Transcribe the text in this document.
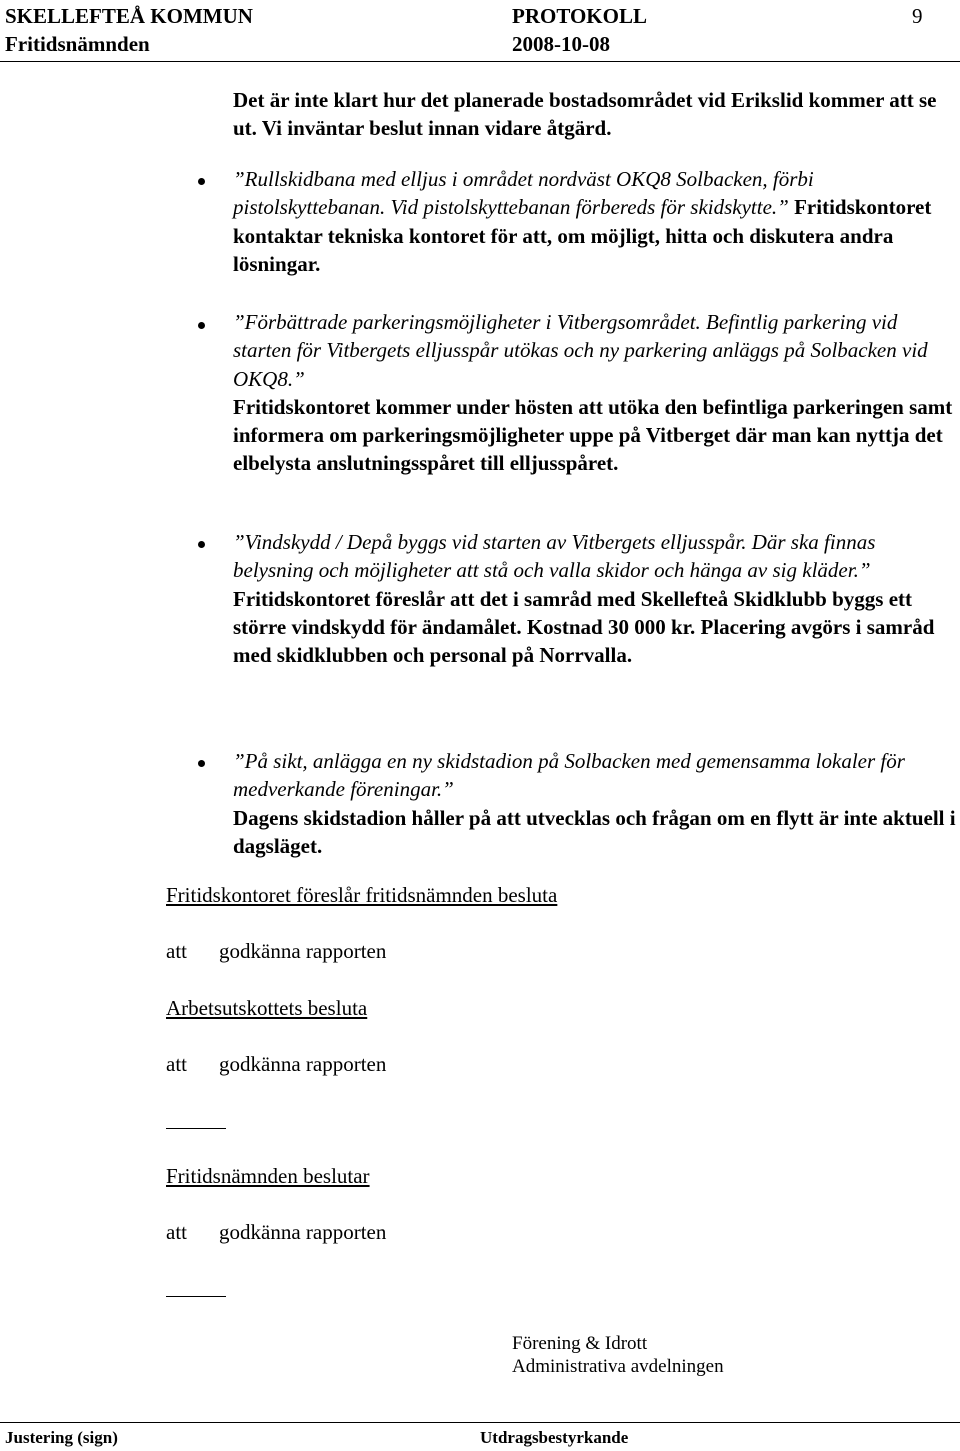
SKELLEFTEÅ KOMMUN	PROTOKOLL	9
Fritidsnämnden	2008-10-08
Det är inte klart hur det planerade bostadsområdet vid Erikslid kommer att se ut. Vi inväntar beslut innan vidare åtgärd.
”Rullskidbana med elljus i området nordväst OKQ8 Solbacken, förbi pistolskyttebanan. Vid pistolskyttebanan förbereds för skidskytte.” Fritidskontoret kontaktar tekniska kontoret för att, om möjligt, hitta och diskutera andra lösningar.
”Förbättrade parkeringsmöjligheter i Vitbergsområdet. Befintlig parkering vid starten för Vitbergets elljusspår utökas och ny parkering anläggs på Solbacken vid OKQ8.”
Fritidskontoret kommer under hösten att utöka den befintliga parkeringen samt informera om parkeringsmöjligheter uppe på Vitberget där man kan nyttja det elbelysta anslutningsspåret till elljusspåret.
”Vindskydd / Depå byggs vid starten av Vitbergets elljusspår. Där ska finnas belysning och möjligheter att stå och valla skidor och hänga av sig kläder.”
Fritidskontoret föreslår att det i samråd med Skellefteå Skidklubb byggs ett större vindskydd för ändamålet. Kostnad 30 000 kr. Placering avgörs i samråd med skidklubben och personal på Norrvalla.
”På sikt, anlägga en ny skidstadion på Solbacken med gemensamma lokaler för medverkande föreningar.”
Dagens skidstadion håller på att utvecklas och frågan om en flytt är inte aktuell i dagsläget.
Fritidskontoret föreslår fritidsnämnden besluta
att godkänna rapporten
Arbetsutskottets besluta
att godkänna rapporten
Fritidsnämnden beslutar
att godkänna rapporten
Förening & Idrott
Administrativa avdelningen
Justering (sign)	Utdragsbestyrkande
